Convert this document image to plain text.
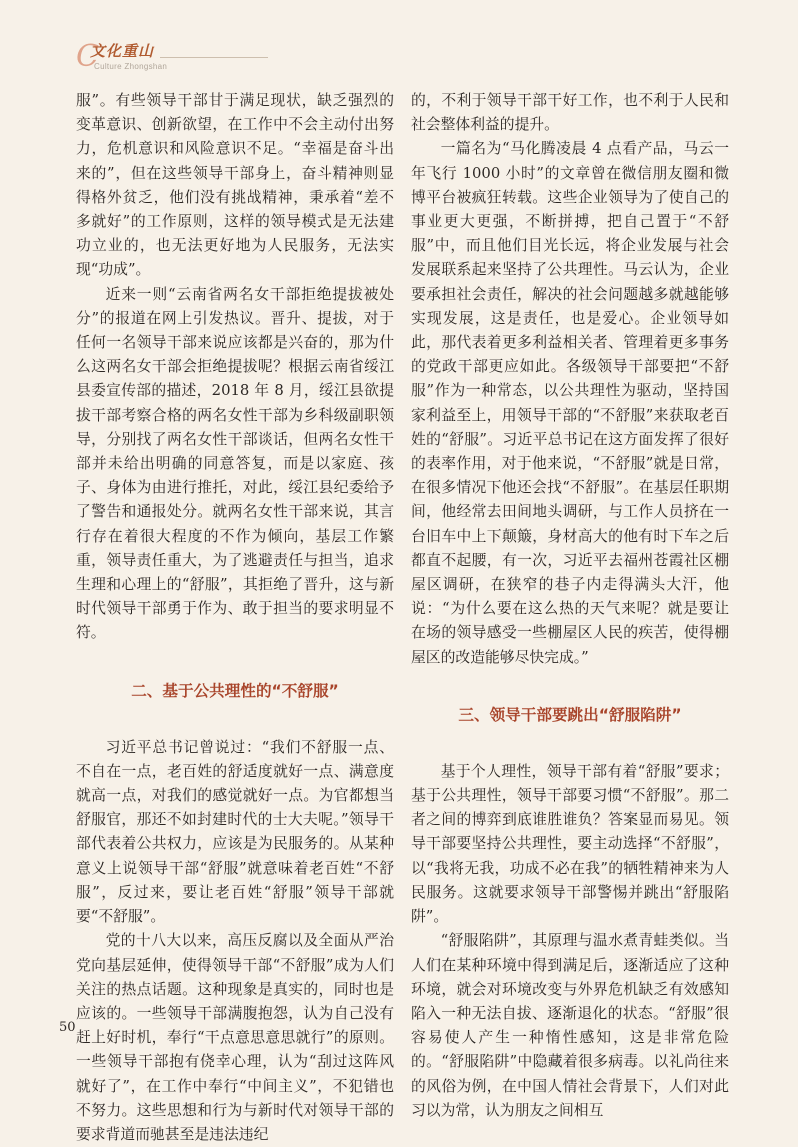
C
文化重山
Culture Zhongshan

服”。有些领导干部甘于满足现状，缺乏强烈的变革意识、创新欲望，在工作中不会主动付出努力，危机意识和风险意识不足。“幸福是奋斗出来的”，但在这些领导干部身上，奋斗精神则显得格外贫乏，他们没有挑战精神，秉承着“差不多就好”的工作原则，这样的领导模式是无法建功立业的，也无法更好地为人民服务，无法实现“功成”。

近来一则“云南省两名女干部拒绝提拔被处分”的报道在网上引发热议。晋升、提拔，对于任何一名领导干部来说应该都是兴奋的，那为什么这两名女干部会拒绝提拔呢？根据云南省绥江县委宣传部的描述，2018 年 8 月，绥江县欲提拔干部考察合格的两名女性干部为乡科级副职领导，分别找了两名女性干部谈话，但两名女性干部并未给出明确的同意答复，而是以家庭、孩子、身体为由进行推托，对此，绥江县纪委给予了警告和通报处分。就两名女性干部来说，其言行存在着很大程度的不作为倾向，基层工作繁重，领导责任重大，为了逃避责任与担当，追求生理和心理上的“舒服”，其拒绝了晋升，这与新时代领导干部勇于作为、敢于担当的要求明显不符。

二、基于公共理性的“不舒服”

习近平总书记曾说过：“我们不舒服一点、不自在一点，老百姓的舒适度就好一点、满意度就高一点，对我们的感觉就好一点。为官都想当舒服官，那还不如封建时代的士大夫呢。”领导干部代表着公共权力，应该是为民服务的。从某种意义上说领导干部“舒服”就意味着老百姓“不舒服”，反过来，要让老百姓“舒服”领导干部就要“不舒服”。

党的十八大以来，高压反腐以及全面从严治党向基层延伸，使得领导干部“不舒服”成为人们关注的热点话题。这种现象是真实的，同时也是应该的。一些领导干部满腹抱怨，认为自己没有赶上好时机，奉行“干点意思意思就行”的原则。一些领导干部抱有侥幸心理，认为“刮过这阵风就好了”，在工作中奉行“中间主义”，不犯错也不努力。这些思想和行为与新时代对领导干部的要求背道而驰甚至是违法违纪

的，不利于领导干部干好工作，也不利于人民和社会整体利益的提升。

一篇名为“马化腾凌晨 4 点看产品，马云一年飞行 1000 小时”的文章曾在微信朋友圈和微博平台被疯狂转载。这些企业领导为了使自己的事业更大更强，不断拼搏，把自己置于“不舒服”中，而且他们目光长远，将企业发展与社会发展联系起来坚持了公共理性。马云认为，企业要承担社会责任，解决的社会问题越多就越能够实现发展，这是责任，也是爱心。企业领导如此，那代表着更多利益相关者、管理着更多事务的党政干部更应如此。各级领导干部要把“不舒服”作为一种常态，以公共理性为驱动，坚持国家利益至上，用领导干部的“不舒服”来获取老百姓的“舒服”。习近平总书记在这方面发挥了很好的表率作用，对于他来说，“不舒服”就是日常，在很多情况下他还会找“不舒服”。在基层任职期间，他经常去田间地头调研，与工作人员挤在一台旧车中上下颠簸，身材高大的他有时下车之后都直不起腰，有一次，习近平去福州苍霞社区棚屋区调研，在狭窄的巷子内走得满头大汗，他说：“为什么要在这么热的天气来呢？就是要让在场的领导感受一些棚屋区人民的疾苦，使得棚屋区的改造能够尽快完成。”

三、领导干部要跳出“舒服陷阱”

基于个人理性，领导干部有着“舒服”要求；基于公共理性，领导干部要习惯“不舒服”。那二者之间的博弈到底谁胜谁负？答案显而易见。领导干部要坚持公共理性，要主动选择“不舒服”，以“我将无我，功成不必在我”的牺牲精神来为人民服务。这就要求领导干部警惕并跳出“舒服陷阱”。

“舒服陷阱”，其原理与温水煮青蛙类似。当人们在某种环境中得到满足后，逐渐适应了这种环境，就会对环境改变与外界危机缺乏有效感知陷入一种无法自拔、逐渐退化的状态。“舒服”很容易使人产生一种惰性感知，这是非常危险的。“舒服陷阱”中隐藏着很多病毒。以礼尚往来的风俗为例，在中国人情社会背景下，人们对此习以为常，认为朋友之间相互

50
